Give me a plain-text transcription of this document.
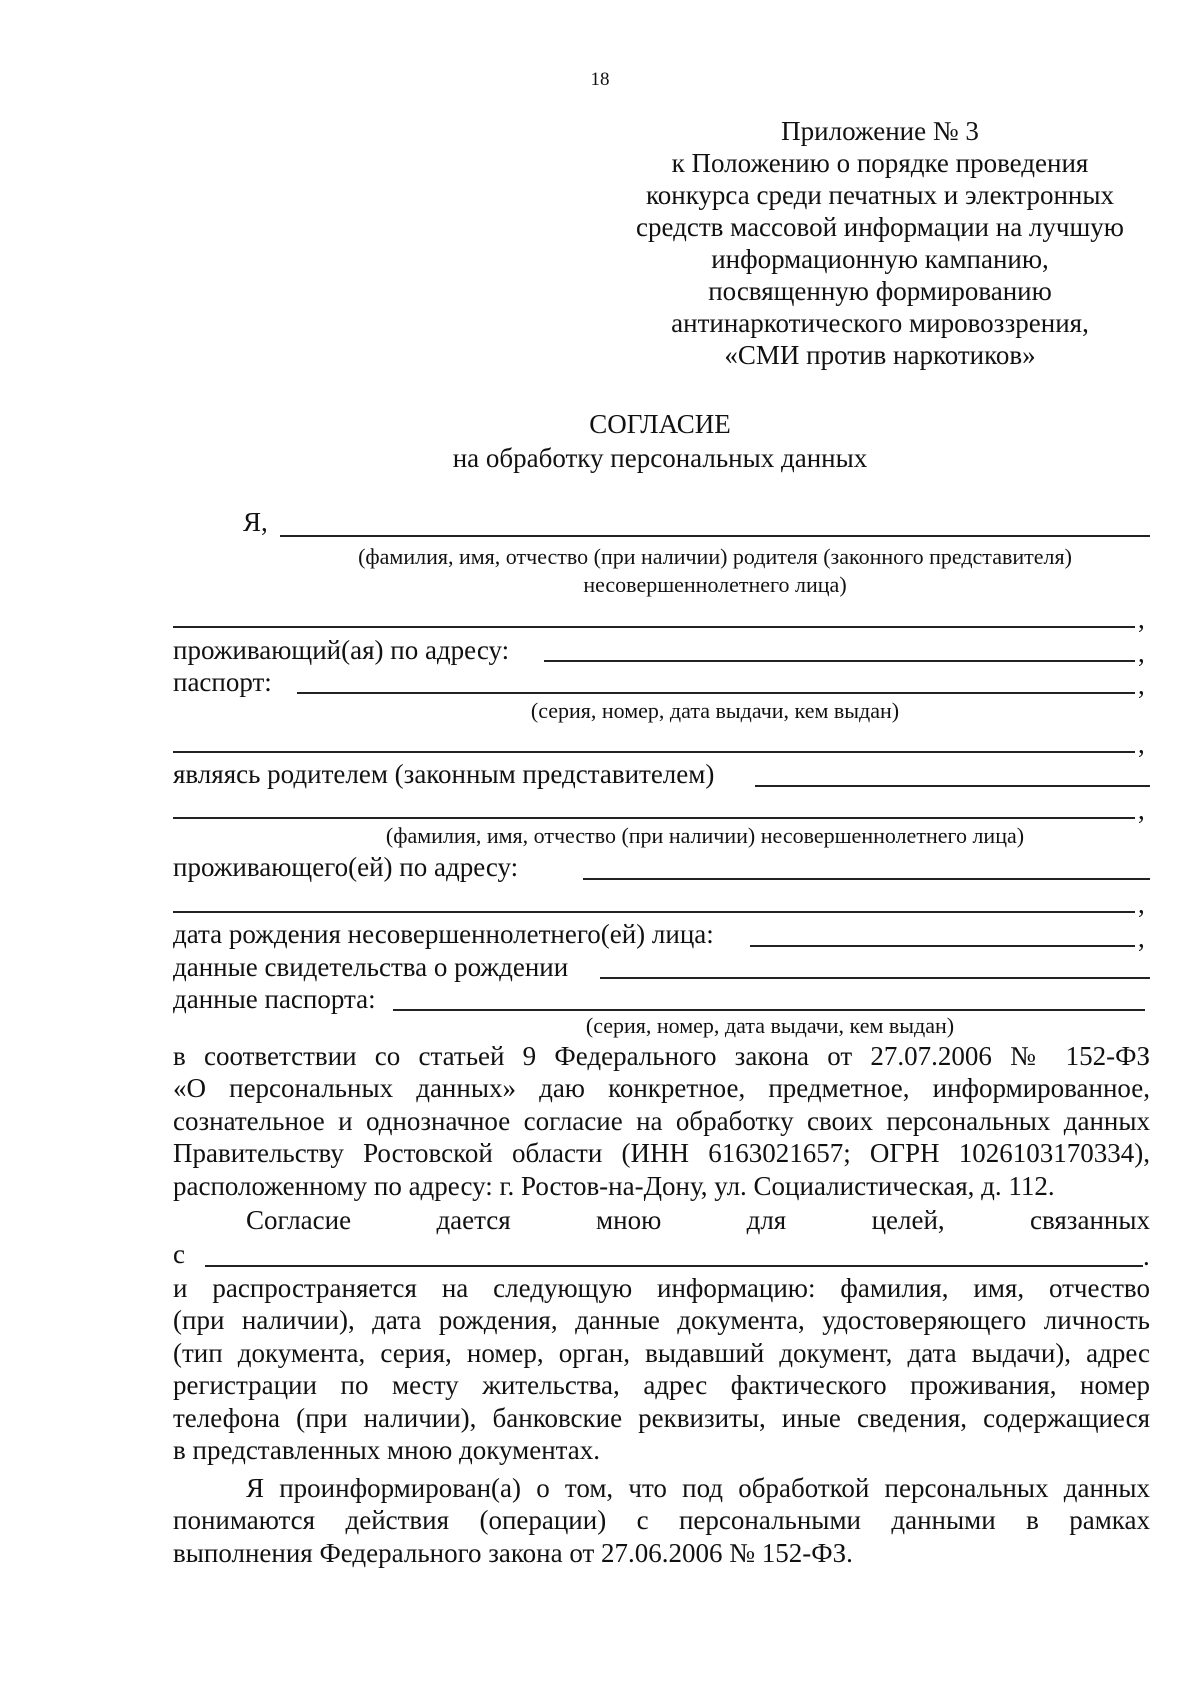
18
Приложение № 3
к Положению о порядке проведения
конкурса среди печатных и электронных
средств массовой информации на лучшую
информационную кампанию,
посвященную формированию
антинаркотического мировоззрения,
«СМИ против наркотиков»
СОГЛАСИЕ
на обработку персональных данных
Я,
(фамилия, имя, отчество (при наличии) родителя (законного представителя)
несовершеннолетнего лица)
,
проживающий(ая) по адресу:	,
паспорт:	,
(серия, номер, дата выдачи, кем выдан)
,
являясь родителем (законным представителем)
,
(фамилия, имя, отчество (при наличии) несовершеннолетнего лица)
проживающего(ей) по адресу:
,
дата рождения несовершеннолетнего(ей) лица:	,
данные свидетельства о рождении
данные паспорта:
(серия, номер, дата выдачи, кем выдан)
в соответствии со статьей 9 Федерального закона от 27.07.2006 № 152-ФЗ
«О персональных данных» даю конкретное, предметное, информированное,
сознательное и однозначное согласие на обработку своих персональных данных
Правительству Ростовской области (ИНН 6163021657; ОГРН 1026103170334),
расположенному по адресу: г. Ростов-на-Дону, ул. Социалистическая, д. 112.
Согласие	дается	мною	для	целей,	связанных
с	.
и распространяется на следующую информацию: фамилия, имя, отчество
(при наличии), дата рождения, данные документа, удостоверяющего личность
(тип документа, серия, номер, орган, выдавший документ, дата выдачи), адрес
регистрации по месту жительства, адрес фактического проживания, номер
телефона (при наличии), банковские реквизиты, иные сведения, содержащиеся
в представленных мною документах.
Я проинформирован(а) о том, что под обработкой персональных данных
понимаются действия (операции) с персональными данными в рамках
выполнения Федерального закона от 27.06.2006 № 152-ФЗ.
